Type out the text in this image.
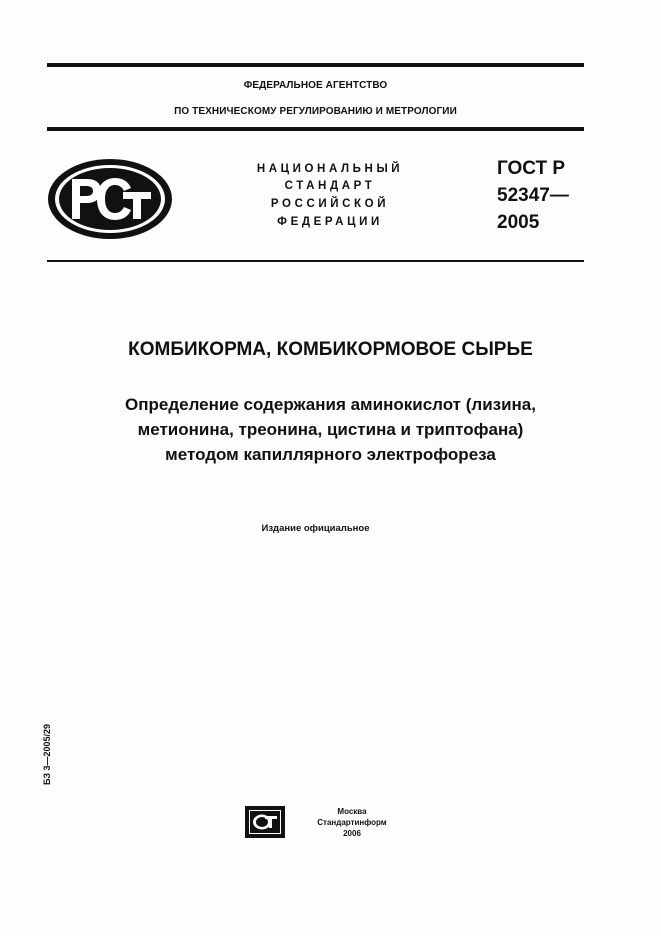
ФЕДЕРАЛЬНОЕ АГЕНТСТВО
ПО ТЕХНИЧЕСКОМУ РЕГУЛИРОВАНИЮ И МЕТРОЛОГИИ
НАЦИОНАЛЬНЫЙ
СТАНДАРТ
РОССИЙСКОЙ
ФЕДЕРАЦИИ
ГОСТ Р
52347—
2005
КОМБИКОРМА, КОМБИКОРМОВОЕ СЫРЬЕ
Определение содержания аминокислот (лизина,
метионина, треонина, цистина и триптофана)
методом капиллярного электрофореза
Издание официальное
БЗ 3—2005/29
Москва
Стандартинформ
2006
